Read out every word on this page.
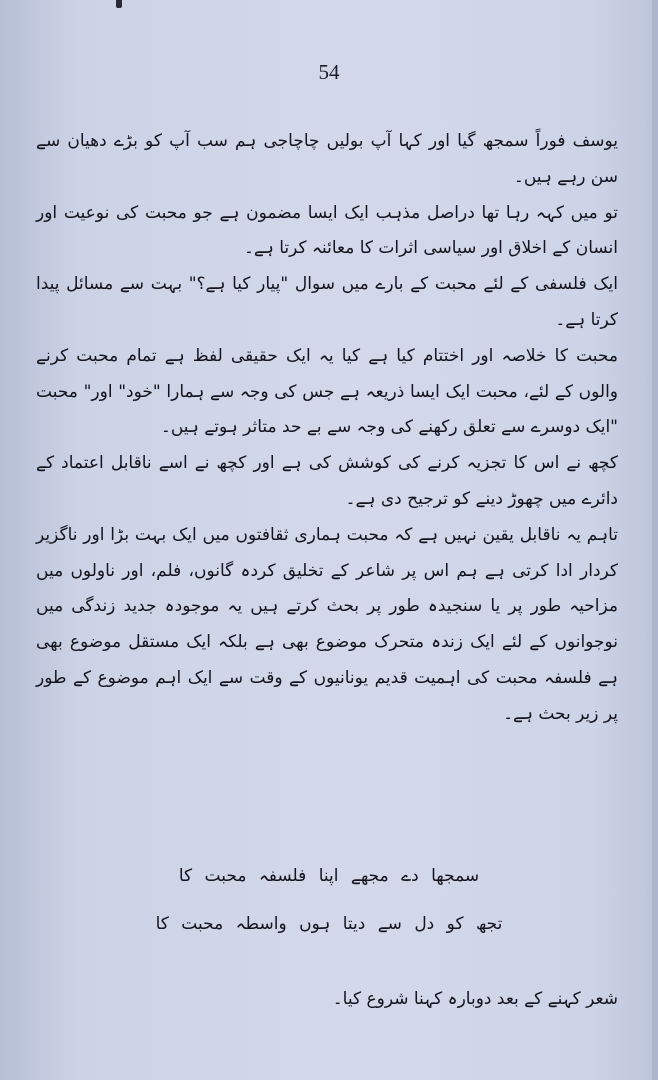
54

یوسف فوراً سمجھ گیا اور کہا آپ بولیں چاچاجی ہم سب آپ کو بڑے دھیان سے سن رہے ہیں۔

تو میں کہہ رہا تھا دراصل مذہب ایک ایسا مضمون ہے جو محبت کی نوعیت اور انسان کے اخلاق اور سیاسی اثرات کا معائنہ کرتا ہے۔

ایک فلسفی کے لئے محبت کے بارے میں سوال "پیار کیا ہے؟" بہت سے مسائل پیدا کرتا ہے۔

محبت کا خلاصہ اور اختتام کیا ہے کیا یہ ایک حقیقی لفظ ہے تمام محبت کرنے والوں کے لئے، محبت ایک ایسا ذریعہ ہے جس کی وجہ سے ہمارا "خود" اور" محبت "ایک دوسرے سے تعلق رکھنے کی وجہ سے بے حد متاثر ہوتے ہیں۔

کچھ نے اس کا تجزیہ کرنے کی کوشش کی ہے اور کچھ نے اسے ناقابل اعتماد کے دائرے میں چھوڑ دینے کو ترجیح دی ہے۔

تاہم یہ ناقابل یقین نہیں ہے کہ محبت ہماری ثقافتوں میں ایک بہت بڑا اور ناگزیر کردار ادا کرتی ہے ہم اس پر شاعر کے تخلیق کردہ گانوں، فلم، اور ناولوں میں مزاحیہ طور پر یا سنجیدہ طور پر بحث کرتے ہیں یہ موجودہ جدید زندگی میں نوجوانوں کے لئے ایک زندہ متحرک موضوع بھی ہے بلکہ ایک مستقل موضوع بھی ہے فلسفہ محبت کی اہمیت قدیم یونانیوں کے وقت سے ایک اہم موضوع کے طور پر زیر بحث ہے۔

سمجھا دے مجھے اپنا فلسفہ محبت کا

تجھ کو دل سے دیتا ہوں واسطہ محبت کا

شعر کہنے کے بعد دوبارہ کہنا شروع کیا۔
